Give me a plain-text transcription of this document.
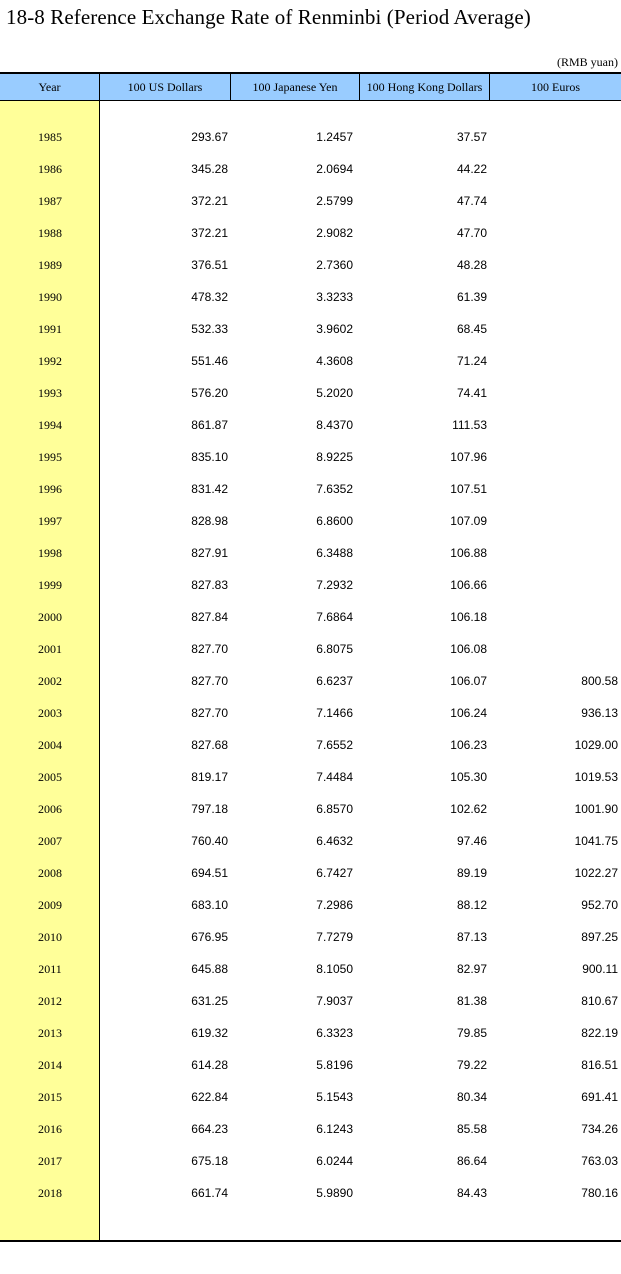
18-8 Reference Exchange Rate of Renminbi (Period Average)
(RMB yuan)
Year	100 US Dollars	100 Japanese Yen	100 Hong Kong Dollars	100 Euros
1985	293.67	1.2457	37.57
1986	345.28	2.0694	44.22
1987	372.21	2.5799	47.74
1988	372.21	2.9082	47.70
1989	376.51	2.7360	48.28
1990	478.32	3.3233	61.39
1991	532.33	3.9602	68.45
1992	551.46	4.3608	71.24
1993	576.20	5.2020	74.41
1994	861.87	8.4370	111.53
1995	835.10	8.9225	107.96
1996	831.42	7.6352	107.51
1997	828.98	6.8600	107.09
1998	827.91	6.3488	106.88
1999	827.83	7.2932	106.66
2000	827.84	7.6864	106.18
2001	827.70	6.8075	106.08
2002	827.70	6.6237	106.07	800.58
2003	827.70	7.1466	106.24	936.13
2004	827.68	7.6552	106.23	1029.00
2005	819.17	7.4484	105.30	1019.53
2006	797.18	6.8570	102.62	1001.90
2007	760.40	6.4632	97.46	1041.75
2008	694.51	6.7427	89.19	1022.27
2009	683.10	7.2986	88.12	952.70
2010	676.95	7.7279	87.13	897.25
2011	645.88	8.1050	82.97	900.11
2012	631.25	7.9037	81.38	810.67
2013	619.32	6.3323	79.85	822.19
2014	614.28	5.8196	79.22	816.51
2015	622.84	5.1543	80.34	691.41
2016	664.23	6.1243	85.58	734.26
2017	675.18	6.0244	86.64	763.03
2018	661.74	5.9890	84.43	780.16
